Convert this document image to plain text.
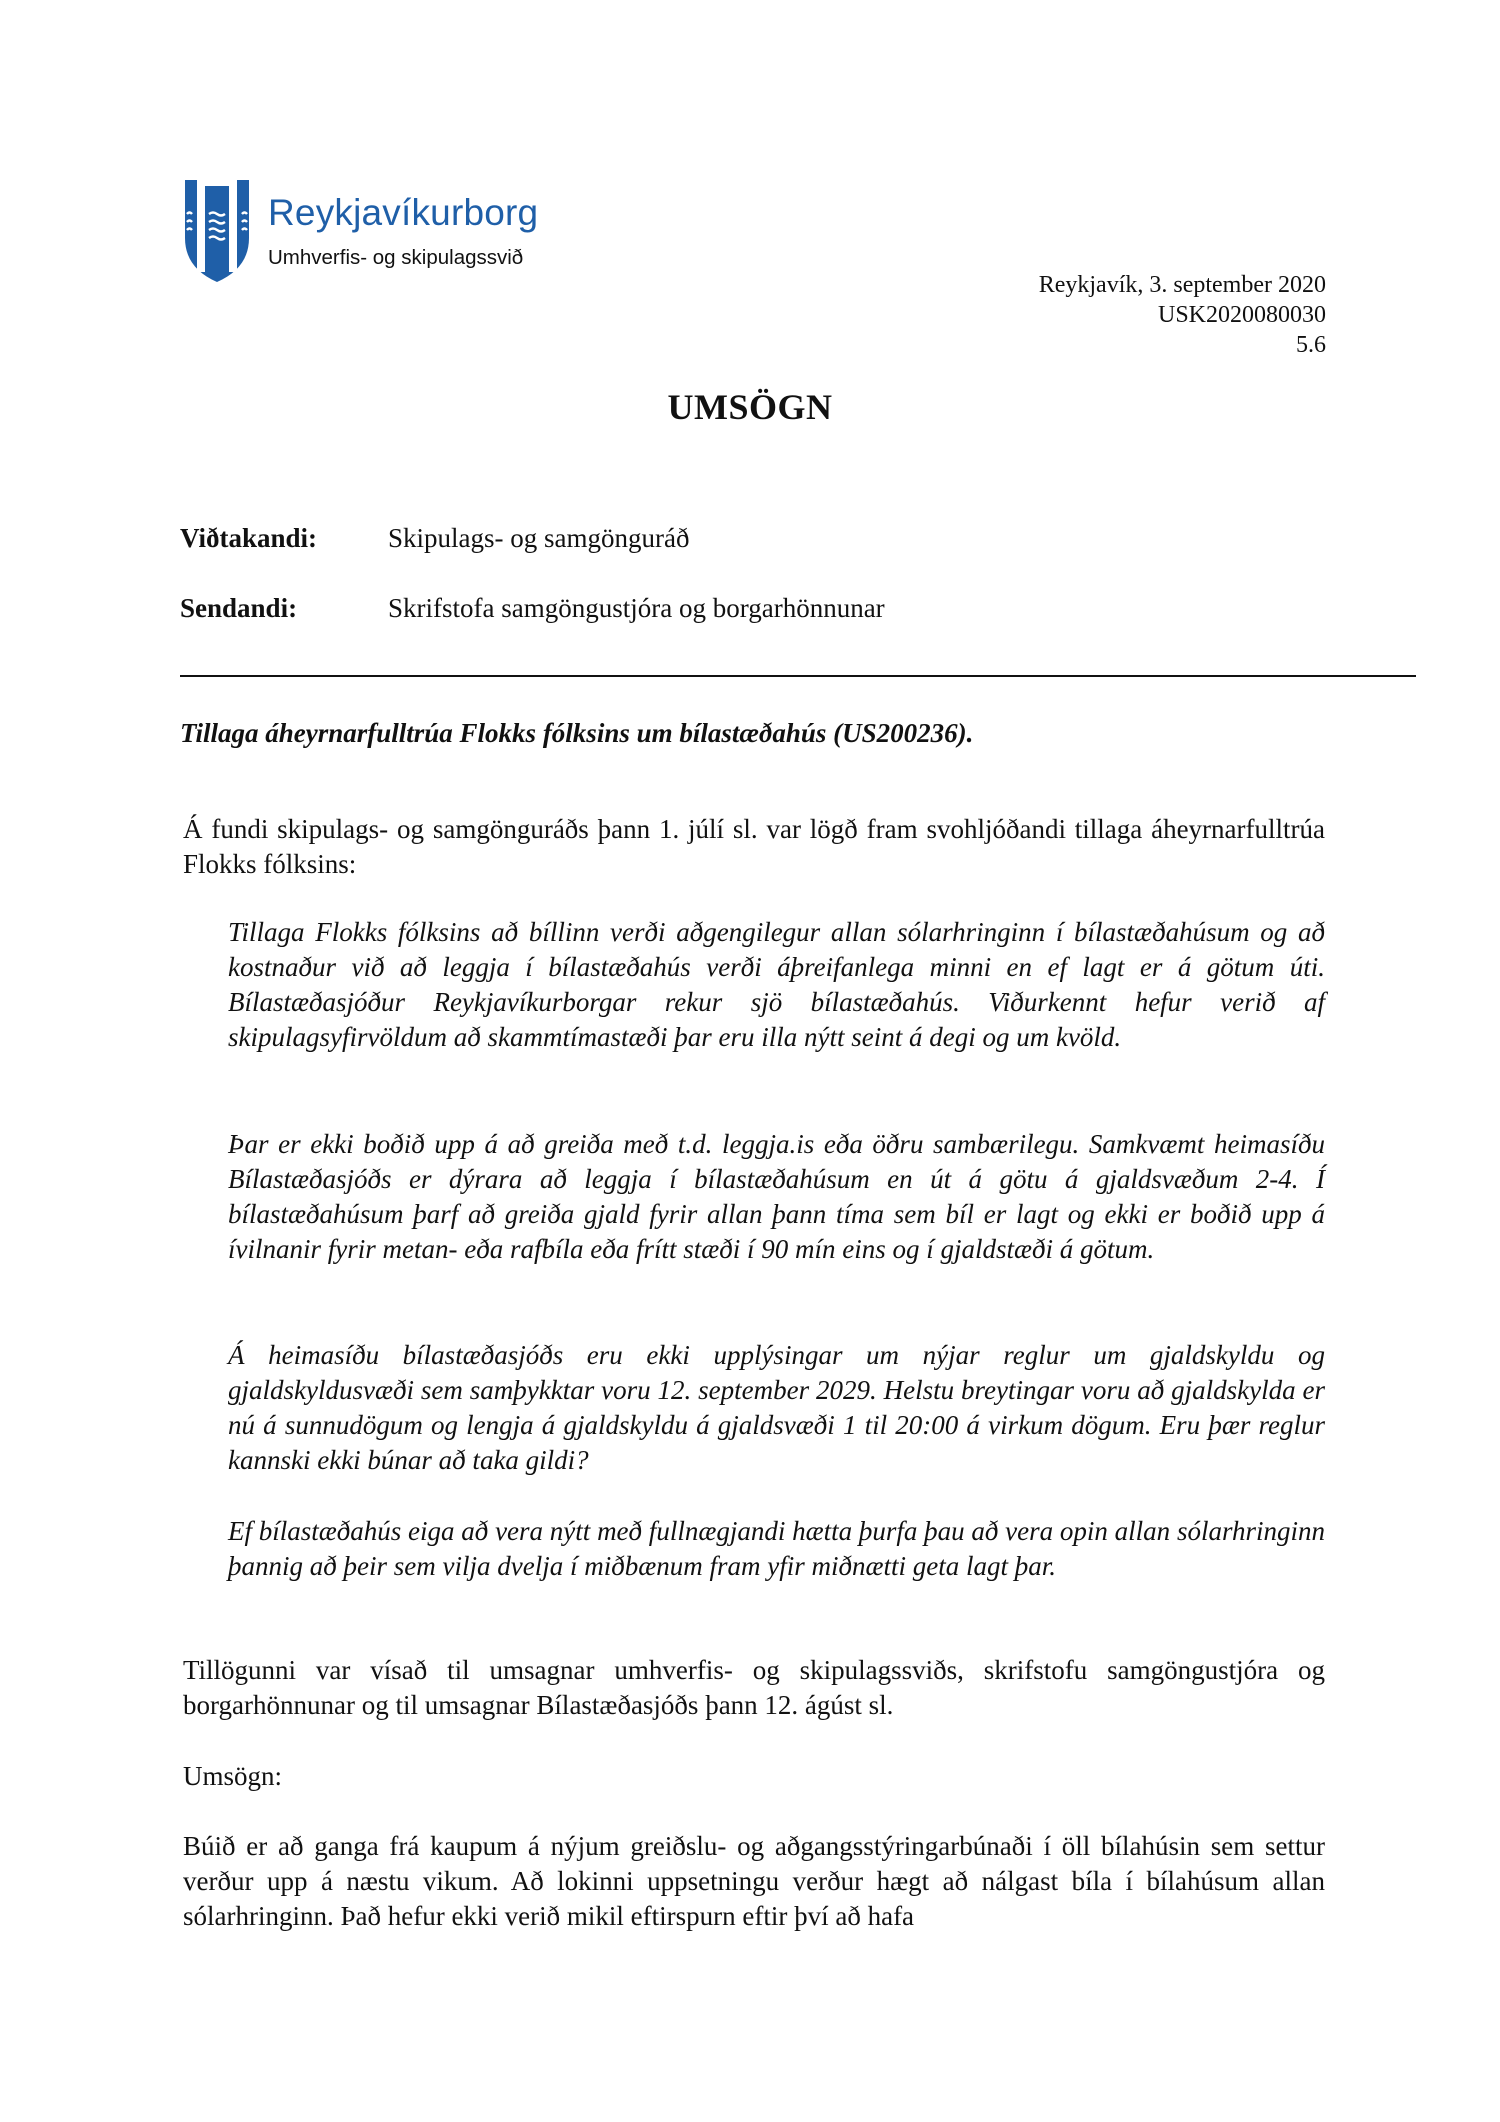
Reykjavíkurborg
Umhverfis- og skipulagssvið
Reykjavík, 3. september 2020
USK2020080030
5.6
UMSÖGN
Viðtakandi:	Skipulags- og samgönguráð
Sendandi:	Skrifstofa samgöngustjóra og borgarhönnunar
Tillaga áheyrnarfulltrúa Flokks fólksins um bílastæðahús (US200236).
Á fundi skipulags- og samgönguráðs þann 1. júlí sl. var lögð fram svohljóðandi tillaga áheyrnarfulltrúa Flokks fólksins:
Tillaga Flokks fólksins að bíllinn verði aðgengilegur allan sólarhringinn í bílastæðahúsum og að kostnaður við að leggja í bílastæðahús verði áþreifanlega minni en ef lagt er á götum úti. Bílastæðasjóður Reykjavíkurborgar rekur sjö bílastæðahús. Viðurkennt hefur verið af skipulagsyfirvöldum að skammtímastæði þar eru illa nýtt seint á degi og um kvöld.
Þar er ekki boðið upp á að greiða með t.d. leggja.is eða öðru sambærilegu. Samkvæmt heimasíðu Bílastæðasjóðs er dýrara að leggja í bílastæðahúsum en út á götu á gjaldsvæðum 2-4. Í bílastæðahúsum þarf að greiða gjald fyrir allan þann tíma sem bíl er lagt og ekki er boðið upp á ívilnanir fyrir metan- eða rafbíla eða frítt stæði í 90 mín eins og í gjaldstæði á götum.
Á heimasíðu bílastæðasjóðs eru ekki upplýsingar um nýjar reglur um gjaldskyldu og gjaldskyldusvæði sem samþykktar voru 12. september 2029. Helstu breytingar voru að gjaldskylda er nú á sunnudögum og lengja á gjaldskyldu á gjaldsvæði 1 til 20:00 á virkum dögum. Eru þær reglur kannski ekki búnar að taka gildi?
Ef bílastæðahús eiga að vera nýtt með fullnægjandi hætta þurfa þau að vera opin allan sólarhringinn þannig að þeir sem vilja dvelja í miðbænum fram yfir miðnætti geta lagt þar.
Tillögunni var vísað til umsagnar umhverfis- og skipulagssviðs, skrifstofu samgöngustjóra og borgarhönnunar og til umsagnar Bílastæðasjóðs þann 12. ágúst sl.
Umsögn:
Búið er að ganga frá kaupum á nýjum greiðslu- og aðgangsstýringarbúnaði í öll bílahúsin sem settur verður upp á næstu vikum. Að lokinni uppsetningu verður hægt að nálgast bíla í bílahúsum allan sólarhringinn. Það hefur ekki verið mikil eftirspurn eftir því að hafa
